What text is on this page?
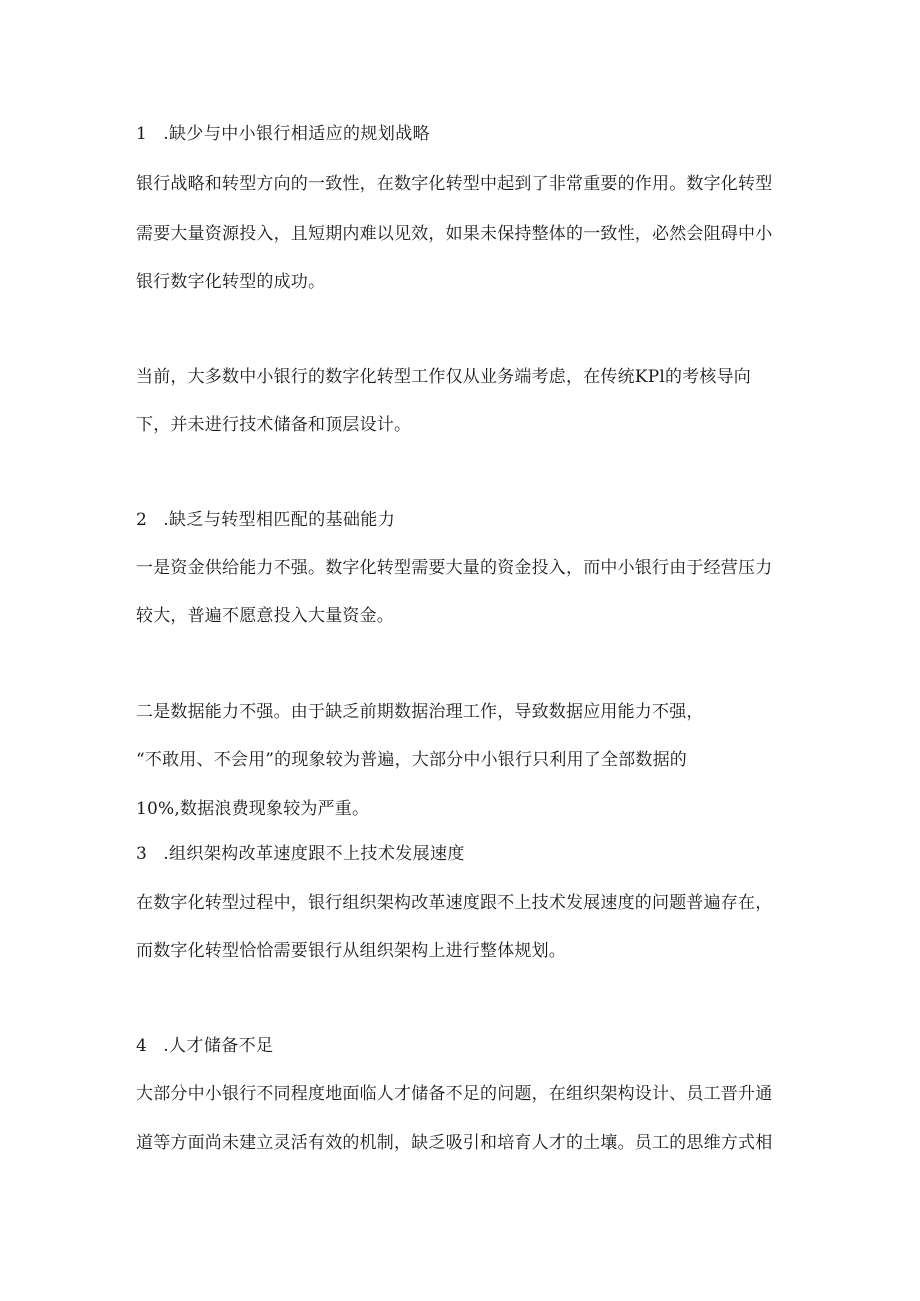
1 .缺少与中小银行相适应的规划战略

银行战略和转型方向的一致性，在数字化转型中起到了非常重要的作用。数字化转型

需要大量资源投入，且短期内难以见效，如果未保持整体的一致性，必然会阻碍中小

银行数字化转型的成功。

当前，大多数中小银行的数字化转型工作仅从业务端考虑，在传统KPl的考核导向

下，并未进行技术储备和顶层设计。

2 .缺乏与转型相匹配的基础能力

一是资金供给能力不强。数字化转型需要大量的资金投入，而中小银行由于经营压力

较大，普遍不愿意投入大量资金。

二是数据能力不强。由于缺乏前期数据治理工作，导致数据应用能力不强，

“不敢用、不会用”的现象较为普遍，大部分中小银行只利用了全部数据的

10%,数据浪费现象较为严重。

3 .组织架构改革速度跟不上技术发展速度

在数字化转型过程中，银行组织架构改革速度跟不上技术发展速度的问题普遍存在，

而数字化转型恰恰需要银行从组织架构上进行整体规划。

4 .人才储备不足

大部分中小银行不同程度地面临人才储备不足的问题，在组织架构设计、员工晋升通

道等方面尚未建立灵活有效的机制，缺乏吸引和培育人才的土壤。员工的思维方式相
